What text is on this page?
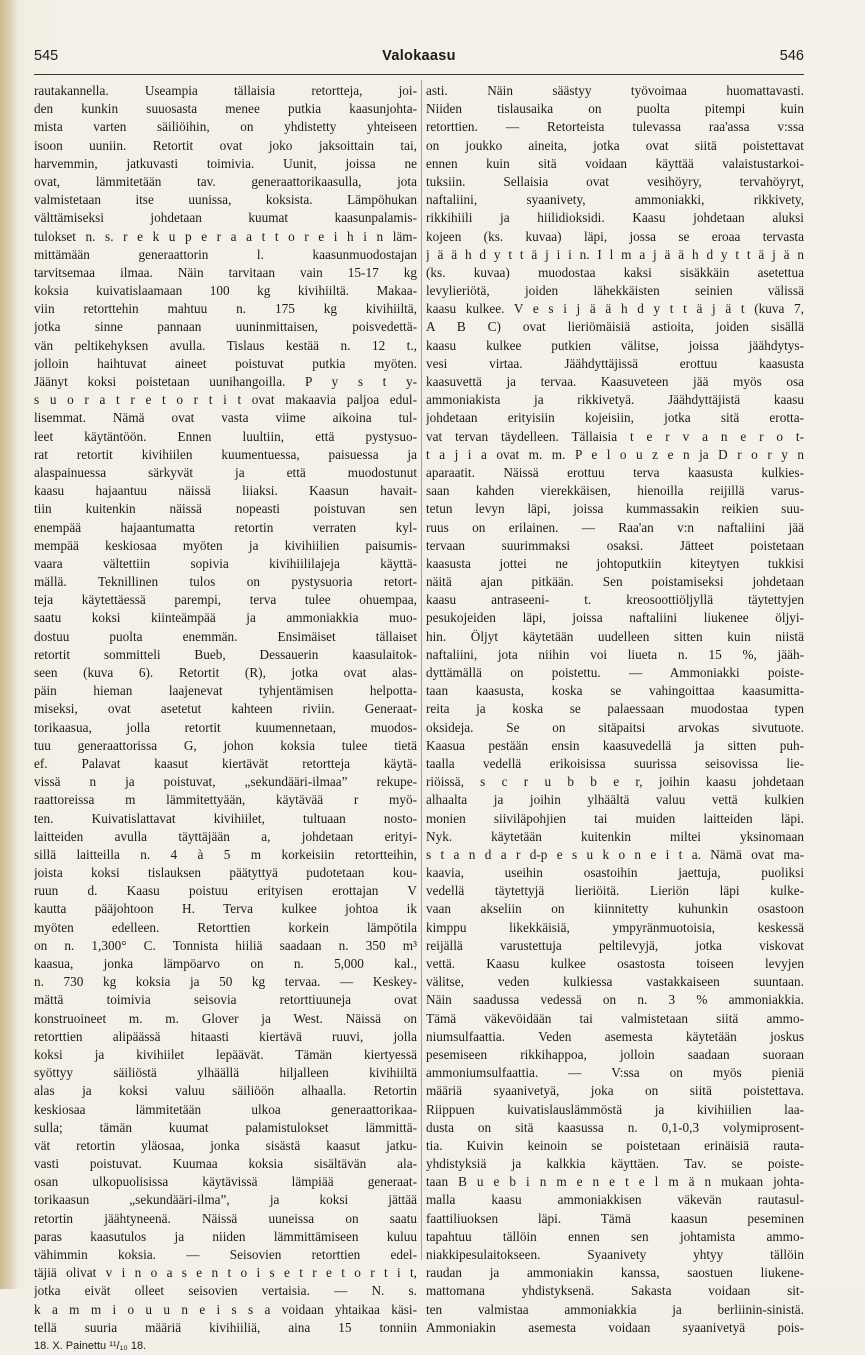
545	Valokaasu	546
rautakannella. Useampia tällaisia retortteja, joi-
den kunkin suuosasta menee putkia kaasunjohta-
mista varten säiliöihin, on yhdistetty yhteiseen
isoon uuniin. Retortit ovat joko jaksoittain tai,
harvemmin, jatkuvasti toimivia. Uunit, joissa ne
ovat, lämmitetään tav. generaattorikaasulla, jota
valmistetaan itse uunissa, koksista. Lämpöhukan
välttämiseksi johdetaan kuumat kaasunpalamis-
tulokset n. s. r e k u p e r a a t t o r e i h i n läm-
mittämään generaattorin l. kaasunmuodostajan
tarvitsemaa ilmaa. Näin tarvitaan vain 15-17 kg
koksia kuivatislaamaan 100 kg kivihiiltä. Makaa-
viin retorttehin mahtuu n. 175 kg kivihiiltä,
jotka sinne pannaan uuninmittaisen, poisvedettä-
vän peltikehyksen avulla. Tislaus kestää n. 12 t.,
jolloin haihtuvat aineet poistuvat putkia myöten.
Jäänyt koksi poistetaan uunihangoilla. P y s t y-
s u o r a t r e t o r t i t ovat makaavia paljoa edul-
lisemmat. Nämä ovat vasta viime aikoina tul-
leet käytäntöön. Ennen luultiin, että pystysuo-
rat retortit kivihiilen kuumentuessa, paisuessa ja
alaspainuessa särkyvät ja että muodostunut
kaasu hajaantuu näissä liiaksi. Kaasun havait-
tiin kuitenkin näissä nopeasti poistuvan sen
enempää hajaantumatta retortin verraten kyl-
mempää keskiosaa myöten ja kivihiilien paisumis-
vaara vältettiin sopivia kivihiililajeja käyttä-
mällä. Teknillinen tulos on pystysuoria retort-
teja käytettäessä parempi, terva tulee ohuempaa,
saatu koksi kiinteämpää ja ammoniakkia muo-
dostuu puolta enemmän. Ensimäiset tällaiset
retortit sommitteli Bueb, Dessauerin kaasulaitok-
seen (kuva 6). Retortit (R), jotka ovat alas-
päin hieman laajenevat tyhjentämisen helpotta-
miseksi, ovat asetetut kahteen riviin. Generaat-
torikaasua, jolla retortit kuumennetaan, muodos-
tuu generaattorissa G, johon koksia tulee tietä
ef. Palavat kaasut kiertävät retortteja käytä-
vissä n ja poistuvat, „sekundääri-ilmaa” rekupe-
raattoreissa m lämmitettyään, käytävää r myö-
ten. Kuivatislattavat kivihiilet, tultuaan nosto-
laitteiden avulla täyttäjään a, johdetaan erityi-
sillä laitteilla n. 4 à 5 m korkeisiin retortteihin,
joista koksi tislauksen päätyttyä pudotetaan kou-
ruun d. Kaasu poistuu erityisen erottajan V
kautta pääjohtoon H. Terva kulkee johtoa ik
myöten edelleen. Retorttien korkein lämpötila
on n. 1,300° C. Tonnista hiiliä saadaan n. 350 m³
kaasua, jonka lämpöarvo on n. 5,000 kal.,
n. 730 kg koksia ja 50 kg tervaa. — Keskey-
mättä toimivia seisovia retorttiuuneja ovat
konstruoineet m. m. Glover ja West. Näissä on
retorttien alipäässä hitaasti kiertävä ruuvi, jolla
koksi ja kivihiilet lepäävät. Tämän kiertyessä
syöttyy säiliöstä ylhäällä hiljalleen kivihiiltä
alas ja koksi valuu säiliöön alhaalla. Retortin
keskiosaa lämmitetään ulkoa generaattorikaa-
sulla; tämän kuumat palamistulokset lämmittä-
vät retortin yläosaa, jonka sisästä kaasut jatku-
vasti poistuvat. Kuumaa koksia sisältävän ala-
osan ulkopuolisissa käytävissä lämpiää generaat-
torikaasun „sekundääri-ilma”, ja koksi jättää
retortin jäähtyneenä. Näissä uuneissa on saatu
paras kaasutulos ja niiden lämmittämiseen kuluu
vähimmin koksia. — Seisovien retorttien edel-
täjiä olivat v i n o a s e n t o i s e t r e t o r t i t,
jotka eivät olleet seisovien vertaisia. — N. s.
k a m m i o u u n e i s s a voidaan yhtaikaa käsi-
tellä suuria määriä kivihiiliä, aina 15 tonniin
18. X. Painettu ¹¹/₁₀ 18.
asti. Näin säästyy työvoimaa huomattavasti.
Niiden tislausaika on puolta pitempi kuin
retorttien. — Retorteista tulevassa raa'assa v:ssa
on joukko aineita, jotka ovat siitä poistettavat
ennen kuin sitä voidaan käyttää valaistustarkoi-
tuksiin. Sellaisia ovat vesihöyry, tervahöyryt,
naftaliini, syaanivety, ammoniakki, rikkivety,
rikkihiili ja hiilidioksidi. Kaasu johdetaan aluksi
kojeen (ks. kuvaa) läpi, jossa se eroaa tervasta
j ä ä h d y t t ä j i i n. I l m a j ä ä h d y t t ä j ä n
(ks. kuvaa) muodostaa kaksi sisäkkäin asetettua
levylieriötä, joiden lähekkäisten seinien välissä
kaasu kulkee. V e s i j ä ä h d y t t ä j ä t (kuva 7,
A B C) ovat lieriömäisiä astioita, joiden sisällä
kaasu kulkee putkien välitse, joissa jäähdytys-
vesi virtaa. Jäähdyttäjissä erottuu kaasusta
kaasuvettä ja tervaa. Kaasuveteen jää myös osa
ammoniakista ja rikkivetyä. Jäähdyttäjistä kaasu
johdetaan erityisiin kojeisiin, jotka sitä erotta-
vat tervan täydelleen. Tällaisia t e r v a n e r o t-
t a j i a ovat m. m. P e l o u z e n ja D r o r y n
aparaatit. Näissä erottuu terva kaasusta kulkies-
saan kahden vierekkäisen, hienoilla reijillä varus-
tetun levyn läpi, joissa kummassakin reikien suu-
ruus on erilainen. — Raa'an v:n naftaliini jää
tervaan suurimmaksi osaksi. Jätteet poistetaan
kaasusta jottei ne johtoputkiin kiteytyen tukkisi
näitä ajan pitkään. Sen poistamiseksi johdetaan
kaasu antraseeni- t. kreosoottiöljyllä täytettyjen
pesukojeiden läpi, joissa naftaliini liukenee öljyi-
hin. Öljyt käytetään uudelleen sitten kuin niistä
naftaliini, jota niihin voi liueta n. 15 %, jääh-
dyttämällä on poistettu. — Ammoniakki poiste-
taan kaasusta, koska se vahingoittaa kaasumitta-
reita ja koska se palaessaan muodostaa typen
oksideja. Se on sitäpaitsi arvokas sivutuote.
Kaasua pestään ensin kaasuvedellä ja sitten puh-
taalla vedellä erikoisissa suurissa seisovissa lie-
riöissä, s c r u b b e r, joihin kaasu johdetaan
alhaalta ja joihin ylhäältä valuu vettä kulkien
monien siiviläpohjien tai muiden laitteiden läpi.
Nyk. käytetään kuitenkin miltei yksinomaan
s t a n d a r d-p e s u k o n e i t a. Nämä ovat ma-
kaavia, useihin osastoihin jaettuja, puoliksi
vedellä täytettyjä lieriöitä. Lieriön läpi kulke-
vaan akseliin on kiinnitetty kuhunkin osastoon
kimppu likekkäisiä, ympyränmuotoisia, keskessä
reijällä varustettuja peltilevyjä, jotka viskovat
vettä. Kaasu kulkee osastosta toiseen levyjen
välitse, veden kulkiessa vastakkaiseen suuntaan.
Näin saadussa vedessä on n. 3 % ammoniakkia.
Tämä väkevöidään tai valmistetaan siitä ammo-
niumsulfaattia. Veden asemesta käytetään joskus
pesemiseen rikkihappoa, jolloin saadaan suoraan
ammoniumsulfaattia. — V:ssa on myös pieniä
määriä syaanivetyä, joka on siitä poistettava.
Riippuen kuivatislauslämmöstä ja kivihiilien laa-
dusta on sitä kaasussa n. 0,1-0,3 volymiprosent-
tia. Kuivin keinoin se poistetaan erinäisiä rauta-
yhdistyksiä ja kalkkia käyttäen. Tav. se poiste-
taan B u e b i n m e n e t e l m ä n mukaan johta-
malla kaasu ammoniakkisen väkevän rautasul-
faattiliuoksen läpi. Tämä kaasun peseminen
tapahtuu tällöin ennen sen johtamista ammo-
niakkipesulaitokseen. Syaanivety yhtyy tällöin
raudan ja ammoniakin kanssa, saostuen liukene-
mattomana yhdistyksenä. Sakasta voidaan sit-
ten valmistaa ammoniakkia ja berliinin-sinistä.
Ammoniakin asemesta voidaan syaanivetyä pois-
